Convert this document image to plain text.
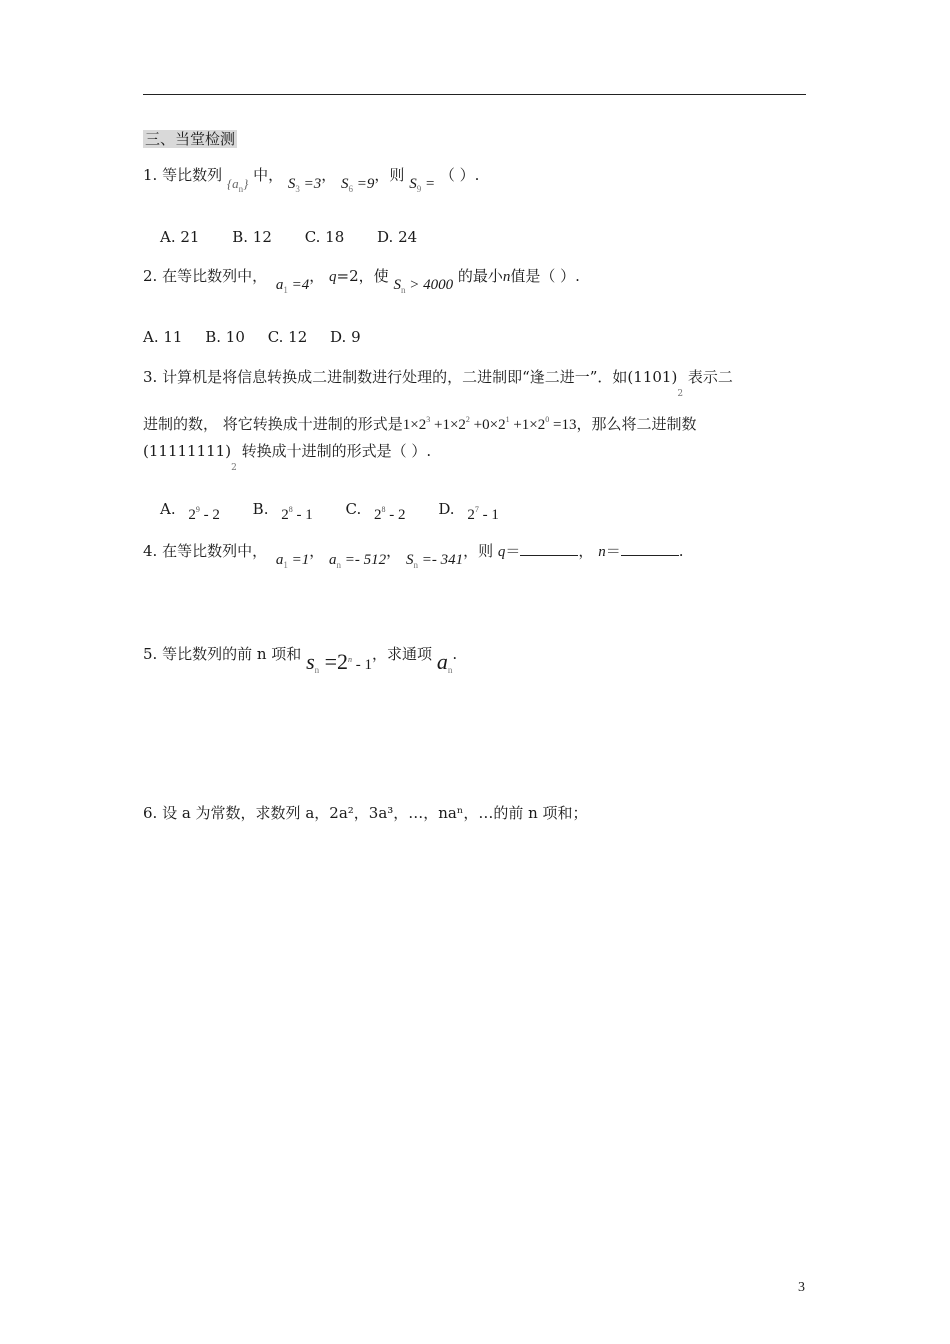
三、当堂检测
1. 等比数列 $\{a_n\}$ 中， $S_3 =3$， $S_6 =9$，则 $S_9$ = （ ）.
A. 21 B. 12 C. 18 D. 24
2. 在等比数列中， $a_1 =4$， q=2，使 $S_n > 4000$ 的最小n值是（ ）.
A. 11 B. 10 C. 12 D. 9
3. 计算机是将信息转换成二进制数进行处理的，二进制即“逢二进一”．如$(1101)_2$ 表示二
进制的数， 将它转换成十进制的形式是$1\times 2^3 +1\times 2^2 +0\times 2^1 +1\times 2^0 =13$，那么将二进制数
$(11111111)_2$ 转换成十进制的形式是（ ）.
A. $2^9 - 2$ B. $2^8 - 1$ C. $2^8 - 2$ D. $2^7 - 1$
4. 在等比数列中， $a_1 =1$， $a_n =- 512$， $S_n =- 341$，则 q＝	， n＝	.
5. 等比数列的前 n 项和 $s_n =2^n - 1$，求通项 $a_n$.
6. 设 a 为常数，求数列 a，2a²，3a³，…，naⁿ，…的前 n 项和；
3
